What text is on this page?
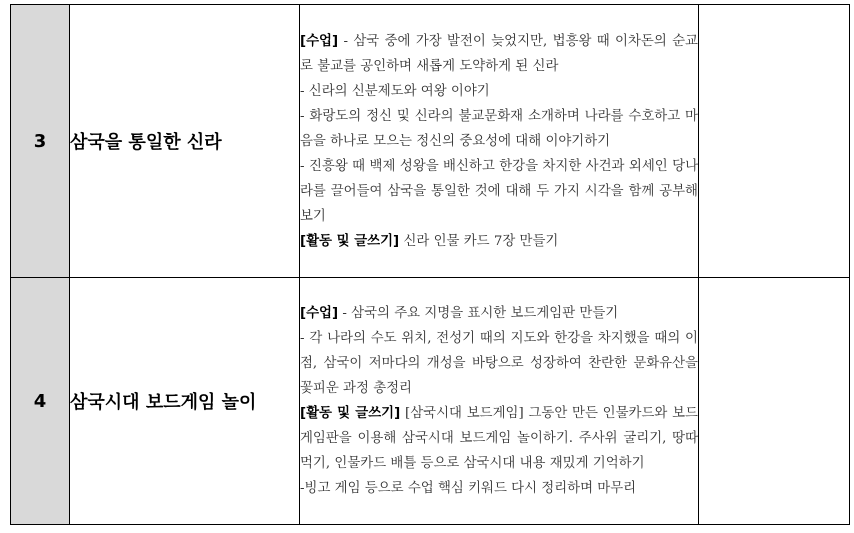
3	삼국을 통일한 신라	[수업] - 삼국 중에 가장 발전이 늦었지만, 법흥왕 때 이차돈의 순교로 불교를 공인하며 새롭게 도약하게 된 신라
- 신라의 신분제도와 여왕 이야기
- 화랑도의 정신 및 신라의 불교문화재 소개하며 나라를 수호하고 마음을 하나로 모으는 정신의 중요성에 대해 이야기하기
- 진흥왕 때 백제 성왕을 배신하고 한강을 차지한 사건과 외세인 당나라를 끌어들여 삼국을 통일한 것에 대해 두 가지 시각을 함께 공부해보기
[활동 및 글쓰기] 신라 인물 카드 7장 만들기	

4	삼국시대 보드게임 놀이	[수업] - 삼국의 주요 지명을 표시한 보드게임판 만들기
- 각 나라의 수도 위치, 전성기 때의 지도와 한강을 차지했을 때의 이점, 삼국이 저마다의 개성을 바탕으로 성장하여 찬란한 문화유산을 꽃피운 과정 총정리
[활동 및 글쓰기] [삼국시대 보드게임] 그동안 만든 인물카드와 보드게임판을 이용해 삼국시대 보드게임 놀이하기. 주사위 굴리기, 땅따먹기, 인물카드 배틀 등으로 삼국시대 내용 재밌게 기억하기
-빙고 게임 등으로 수업 핵심 키워드 다시 정리하며 마무리	
